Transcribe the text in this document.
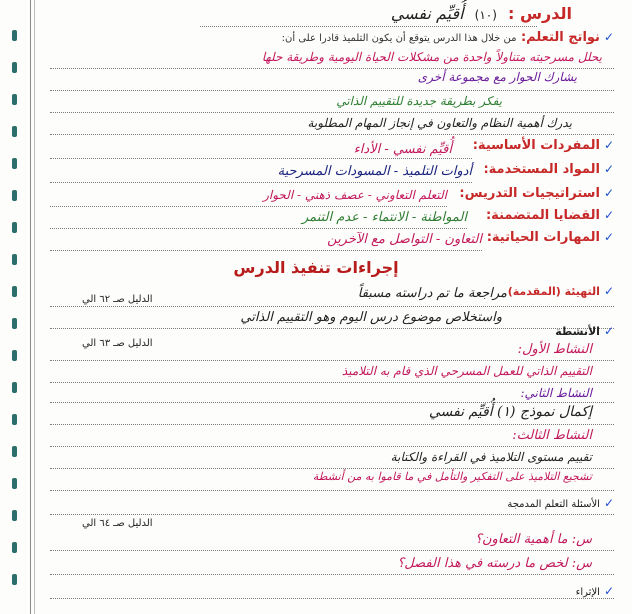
الدرس : (١٠) أُقيِّم نفسي
✓نواتج التعلم: من خلال هذا الدرس يتوقع أن يكون التلميذ قادرا على أن:
يحلل مسرحيته متناولاً واحدة من مشكلات الحياة اليومية وطريقة حلها
يشارك الحوار مع مجموعة أخرى
يفكر بطريقة جديدة للتقييم الذاتي
يدرك أهمية النظام والتعاون في إنجاز المهام المطلوبة
✓المفردات الأساسية:
أُقيِّم نفسي - الأداء
✓المواد المستخدمة:
أدوات التلميذ - المسودات المسرحية
✓استراتيجيات التدريس:
التعلم التعاوني - عصف ذهني - الحوار
✓القضايا المتضمنة:
المواطنة - الانتماء - عدم التنمر
✓المهارات الحياتية:
التعاون - التواصل مع الآخرين
إجراءات تنفيذ الدرس
✓التهيئة (المقدمة)
مراجعة ما تم دراسته مسبقاً
الدليل صـ ٦٢ الي
واستخلاص موضوع درس اليوم وهو التقييم الذاتي
✓الأنشطة
النشاط الأول:
الدليل صـ ٦٣ الي
التقييم الذاتي للعمل المسرحي الذي قام به التلاميذ
النشاط الثاني:
إكمال نموذج (١) أُقيِّم نفسي
النشاط الثالث:
تقييم مستوى التلاميذ في القراءة والكتابة
تشجيع التلاميذ على التفكير والتأمل في ما قاموا به من أنشطة
✓الأسئلة التعلم المدمجة
الدليل صـ ٦٤ الي
س: ما أهمية التعاون؟
س: لخص ما درسته في هذا الفصل؟
✓الإثراء
